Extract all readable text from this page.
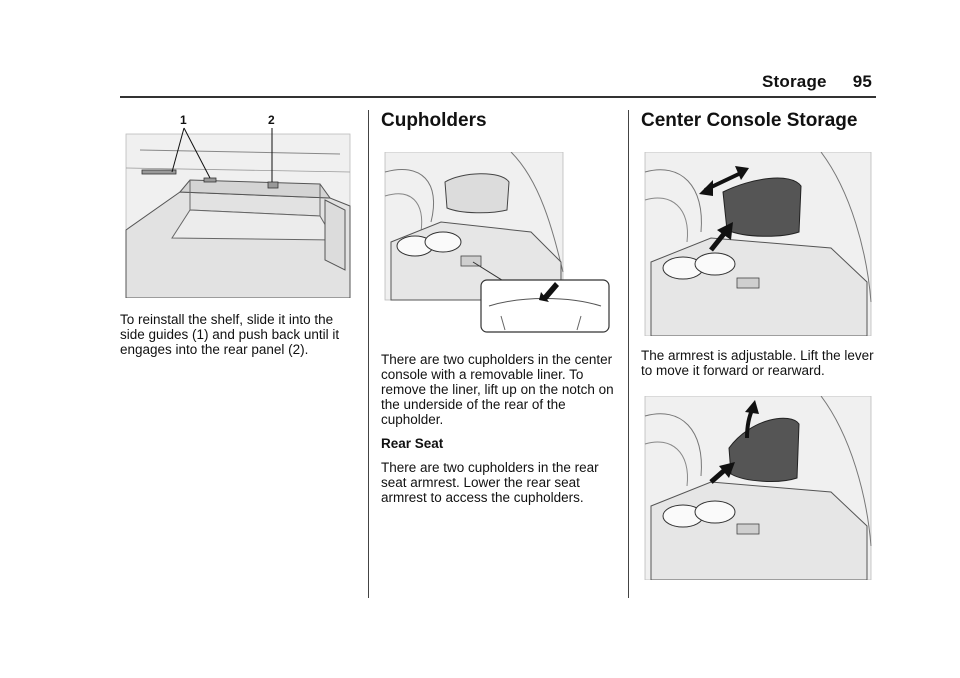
Storage 95
1	2

To reinstall the shelf, slide it into the side guides (1) and push back until it engages into the rear panel (2).

Cupholders

There are two cupholders in the center console with a removable liner. To remove the liner, lift up on the notch on the underside of the rear of the cupholder.

Rear Seat

There are two cupholders in the rear seat armrest. Lower the rear seat armrest to access the cupholders.

Center Console Storage

The armrest is adjustable. Lift the lever to move it forward or rearward.
